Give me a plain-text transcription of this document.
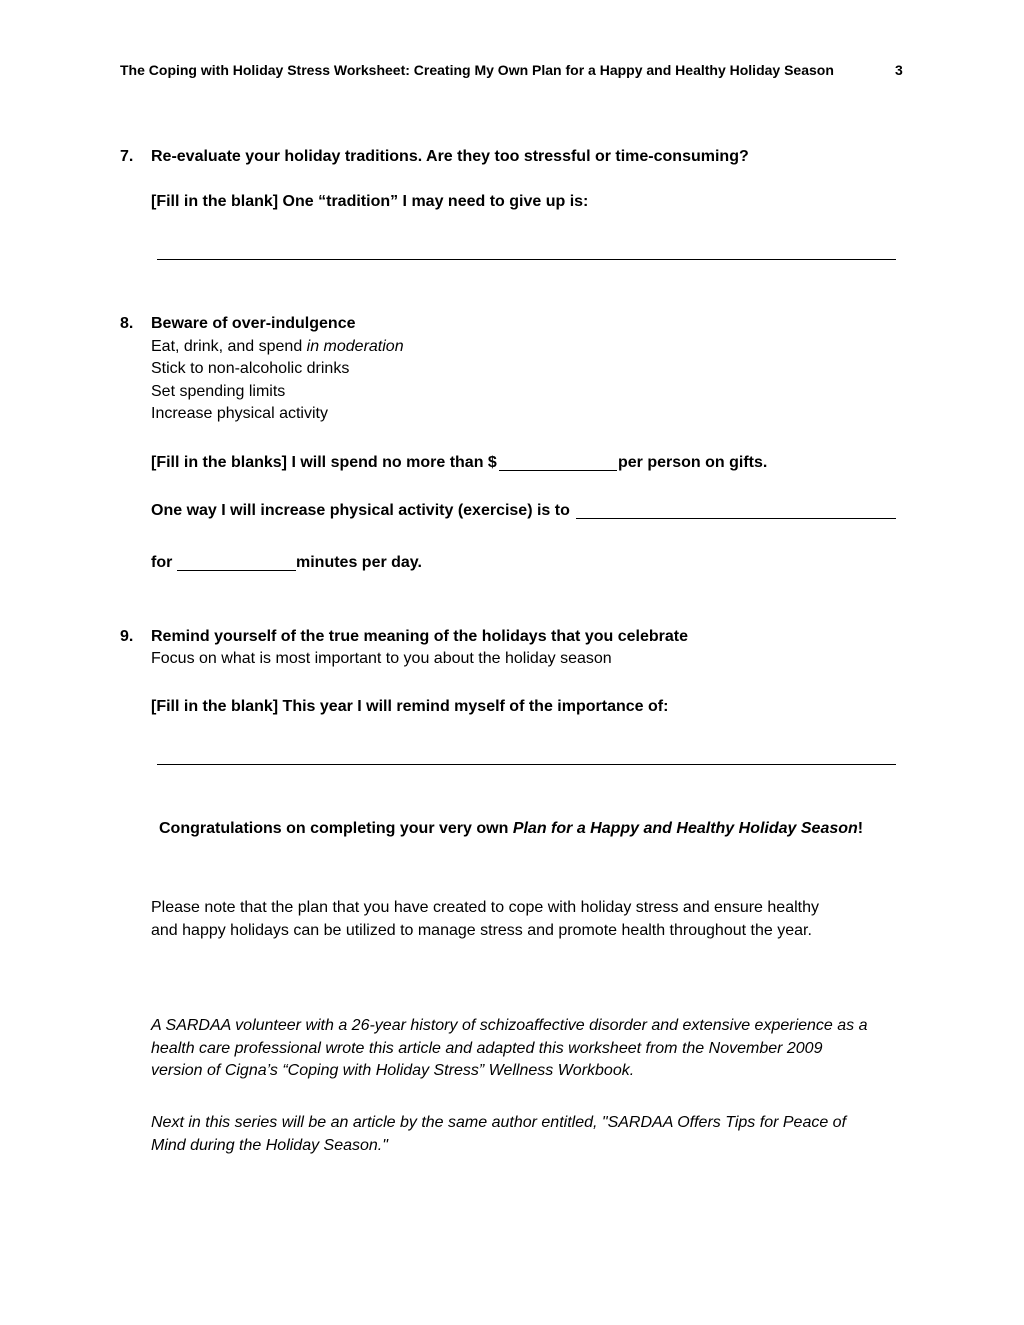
The Coping with Holiday Stress Worksheet: Creating My Own Plan for a Happy and Healthy Holiday Season	3
7. Re-evaluate your holiday traditions. Are they too stressful or time-consuming?
[Fill in the blank] One “tradition” I may need to give up is:
8. Beware of over-indulgence
Eat, drink, and spend in moderation
Stick to non-alcoholic drinks
Set spending limits
Increase physical activity
[Fill in the blanks] I will spend no more than $	per person on gifts.
One way I will increase physical activity (exercise) is to
for	minutes per day.
9. Remind yourself of the true meaning of the holidays that you celebrate
Focus on what is most important to you about the holiday season
[Fill in the blank] This year I will remind myself of the importance of:
Congratulations on completing your very own Plan for a Happy and Healthy Holiday Season!
Please note that the plan that you have created to cope with holiday stress and ensure healthy
and happy holidays can be utilized to manage stress and promote health throughout the year.
A SARDAA volunteer with a 26-year history of schizoaffective disorder and extensive experience as a
health care professional wrote this article and adapted this worksheet from the November 2009
version of Cigna’s “Coping with Holiday Stress” Wellness Workbook.
Next in this series will be an article by the same author entitled, "SARDAA Offers Tips for Peace of
Mind during the Holiday Season."
